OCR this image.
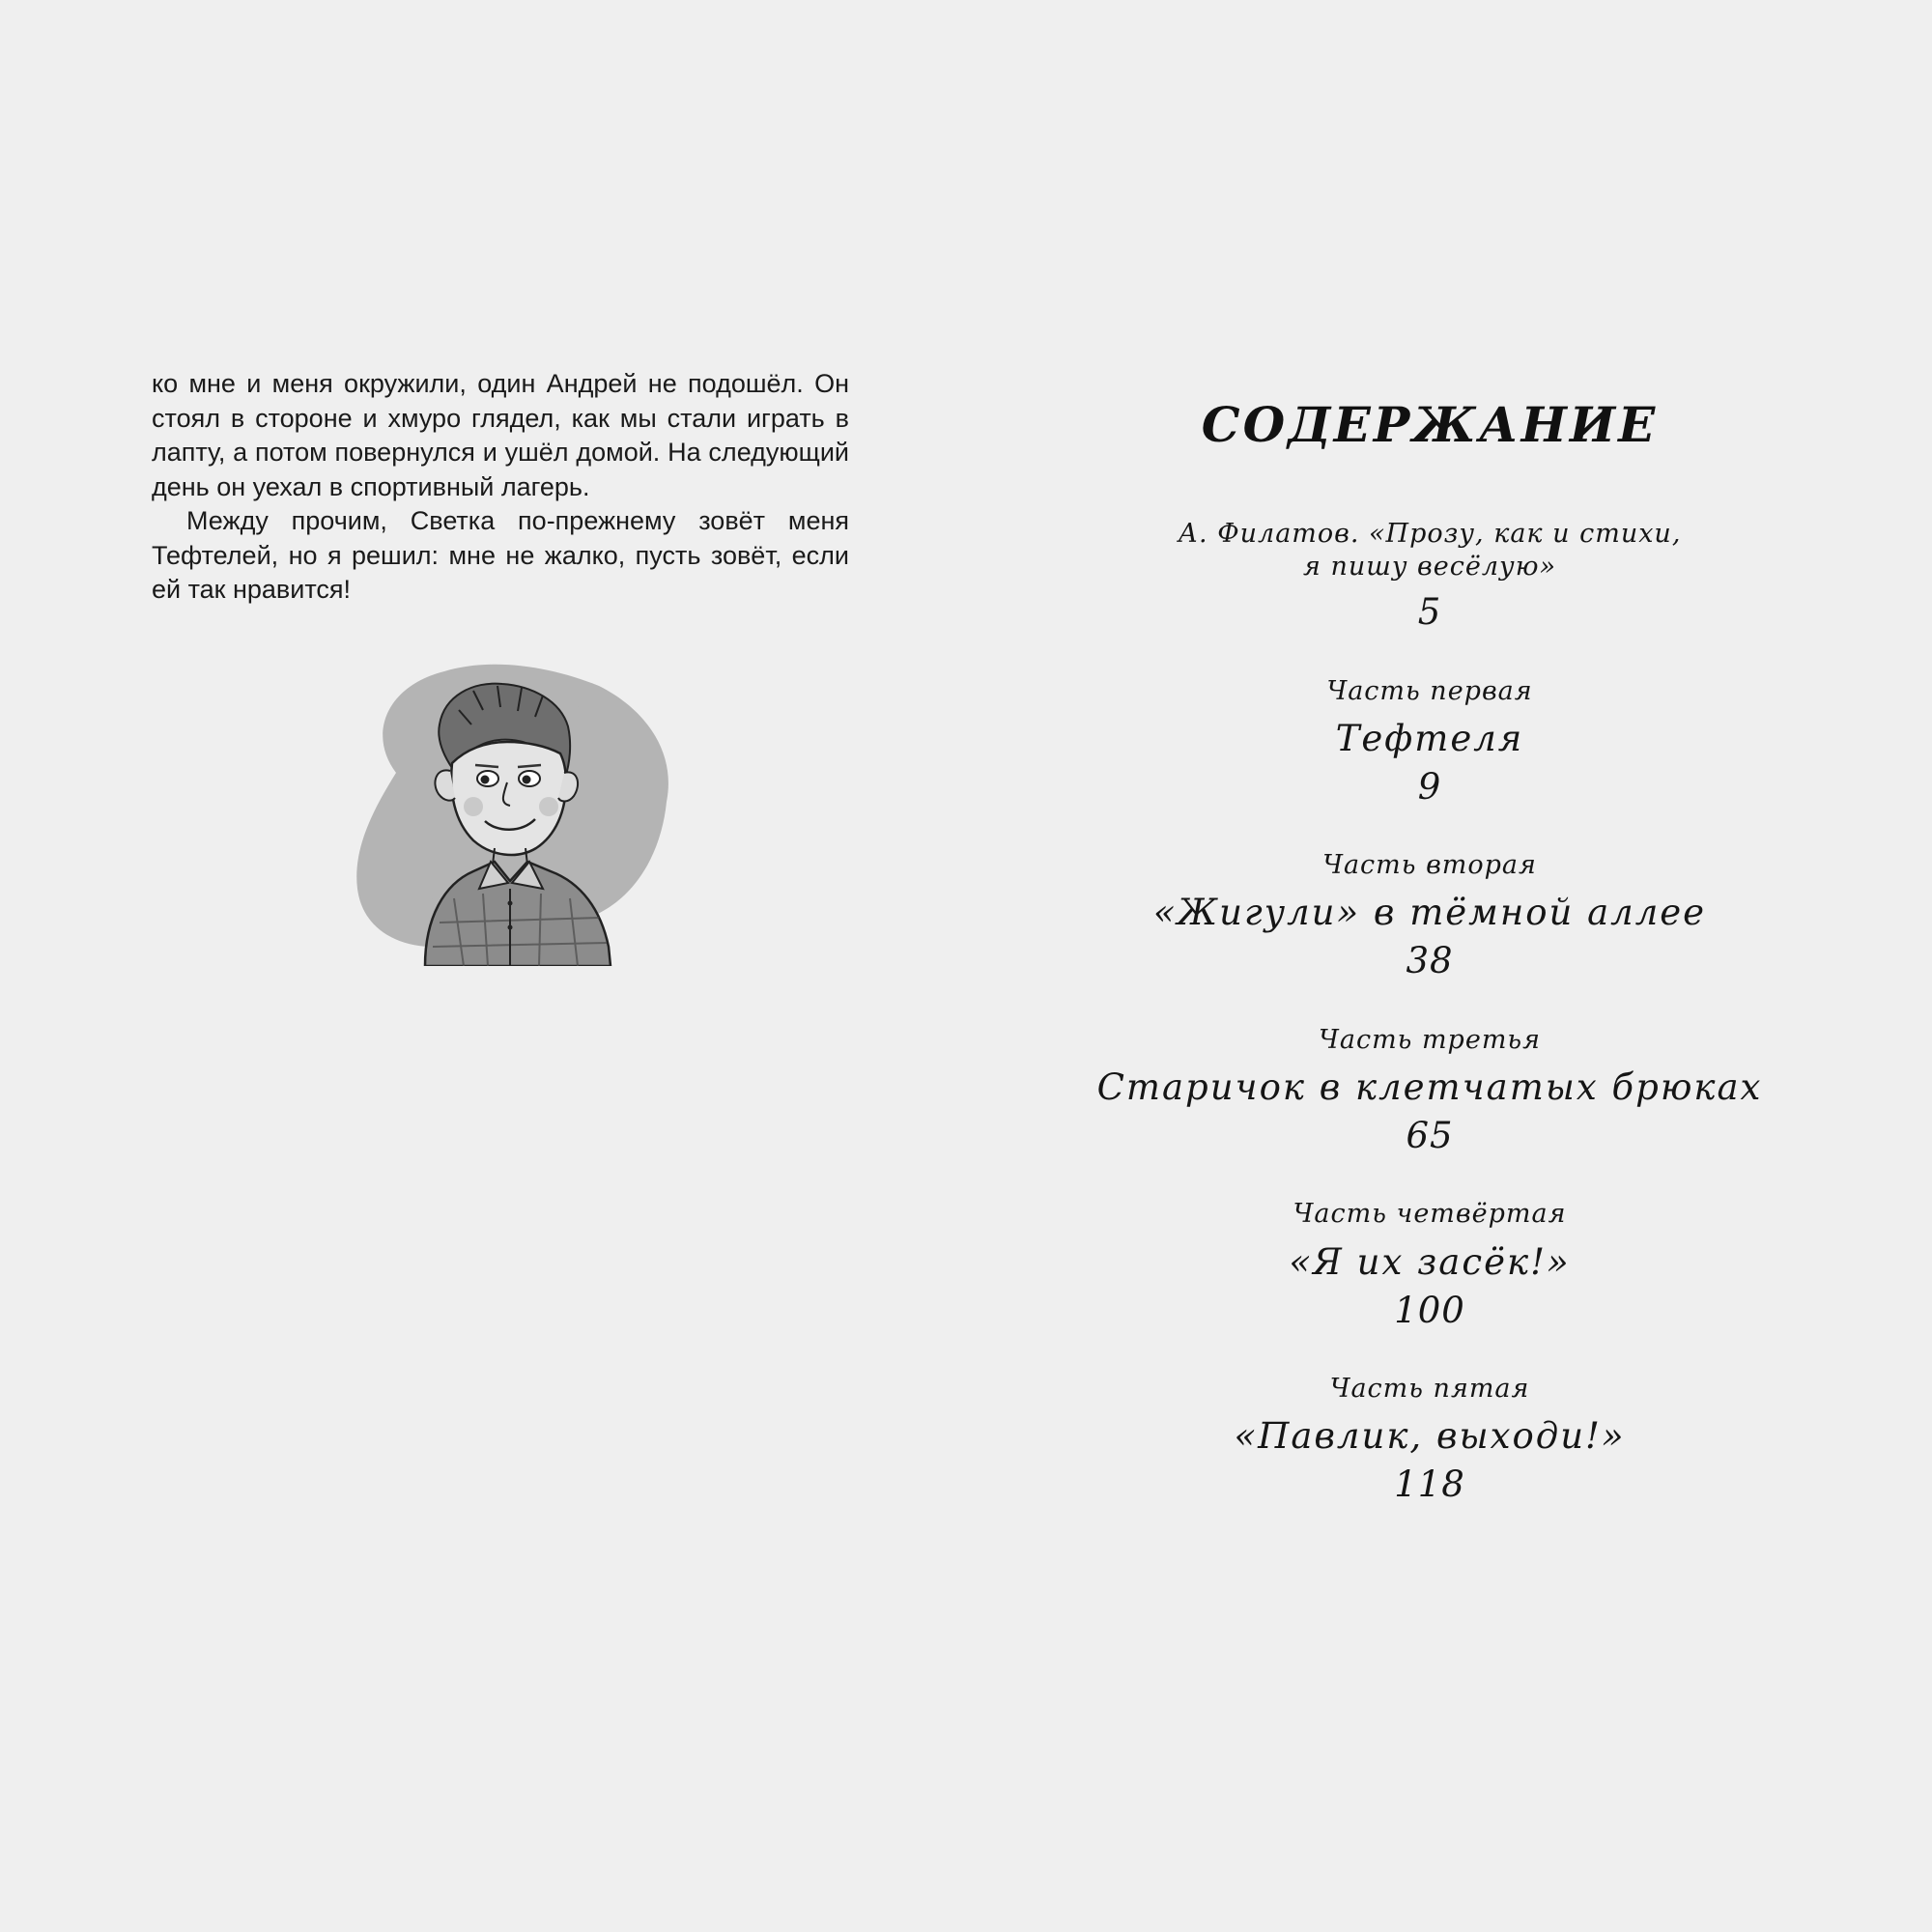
ко мне и меня окружили, один Андрей не подошёл. Он стоял в стороне и хмуро глядел, как мы стали играть в лапту, а потом повернулся и ушёл домой. На следующий день он уехал в спортивный лагерь.

Между прочим, Светка по-прежнему зовёт меня Тефтелей, но я решил: мне не жалко, пусть зовёт, если ей так нравится!

СОДЕРЖАНИЕ
А. Филатов. «Прозу, как и стихи,
я пишу весёлую»
5
Часть первая
Тефтеля
9
Часть вторая
«Жигули» в тёмной аллее
38
Часть третья
Старичок в клетчатых брюках
65
Часть четвёртая
«Я их засёк!»
100
Часть пятая
«Павлик, выходи!»
118
